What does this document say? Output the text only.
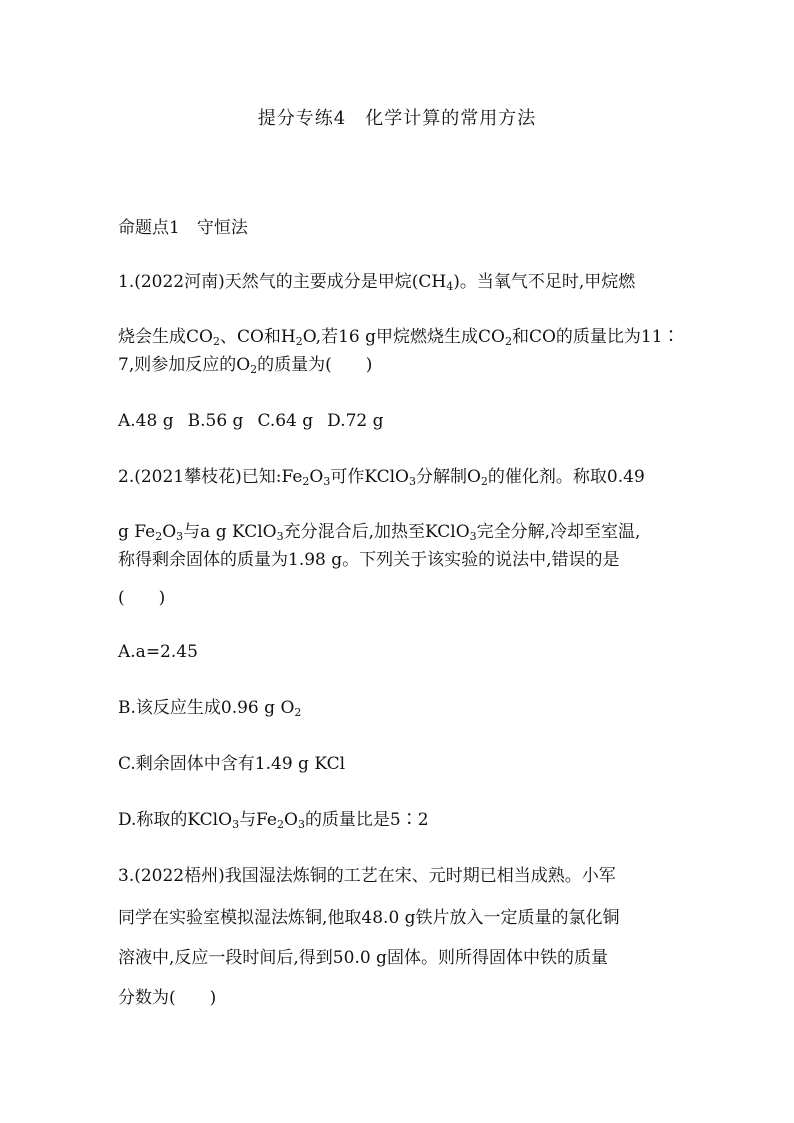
提分专练4　化学计算的常用方法
命题点1　守恒法
1.(2022河南)天然气的主要成分是甲烷$(CH_4)$。当氧气不足时,甲烷燃
烧会生成$CO_2$、CO和$H_2O$,若16 g甲烷燃烧生成$CO_2$和CO的质量比为11∶
7,则参加反应的$O_2$的质量为(　　)
A.48 g B.56 g C.64 g D.72 g
2.(2021攀枝花)已知$:Fe_2O_3$可作KClO$_3$分解制$O_2$的催化剂。称取0.49
g $Fe_2O_3$与a g KClO$_3$充分混合后,加热至KClO$_3$完全分解,冷却至室温,
称得剩余固体的质量为1.98 g。下列关于该实验的说法中,错误的是
(　　)
A.a=2.45
B.该反应生成0.96 g $O_2$
C.剩余固体中含有1.49 g KCl
D.称取的KClO$_3$与$Fe_2O_3$的质量比是5∶2
3.(2022梧州)我国湿法炼铜的工艺在宋、元时期已相当成熟。小军
同学在实验室模拟湿法炼铜,他取48.0 g铁片放入一定质量的氯化铜
溶液中,反应一段时间后,得到50.0 g固体。则所得固体中铁的质量
分数为(　　)
